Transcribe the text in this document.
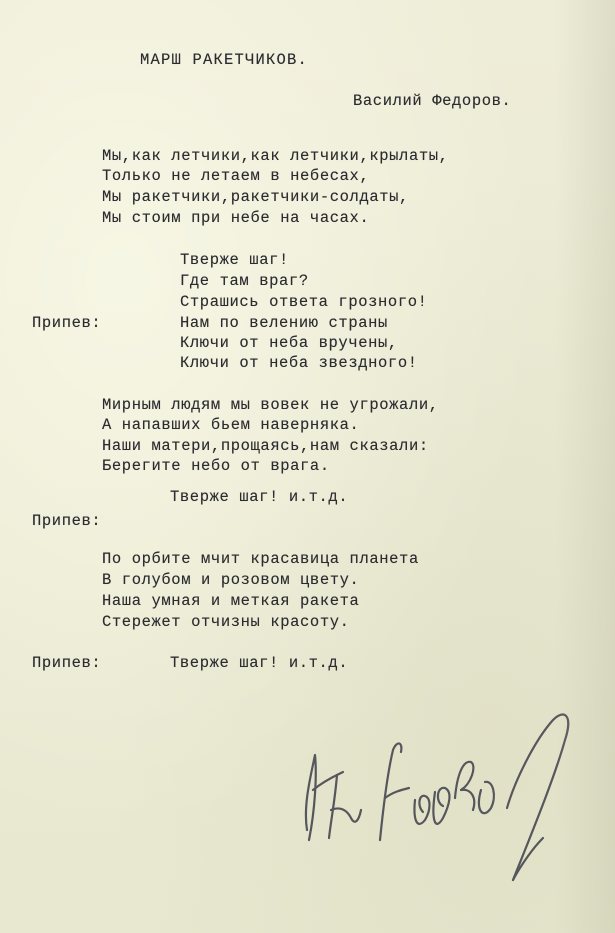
МАРШ РАКЕТЧИКОВ.
Василий Федоров.
Мы,как летчики,как летчики,крылаты,
Только не летаем в небесах,
Мы ракетчики,ракетчики-солдаты,
Мы стоим при небе на часах.
Тверже шаг!
Где там враг?
Страшись ответа грозного!
Припев:	Нам по велению страны
Ключи от неба вручены,
Ключи от неба звездного!
Мирным людям мы вовек не угрожали,
А напавших бьем наверняка.
Наши матери,прощаясь,нам сказали:
Берегите небо от врага.
Тверже шаг! и.т.д.
Припев:
По орбите мчит красавица планета
В голубом и розовом цвету.
Наша умная и меткая ракета
Стережет отчизны красоту.
Припев:	Тверже шаг! и.т.д.
